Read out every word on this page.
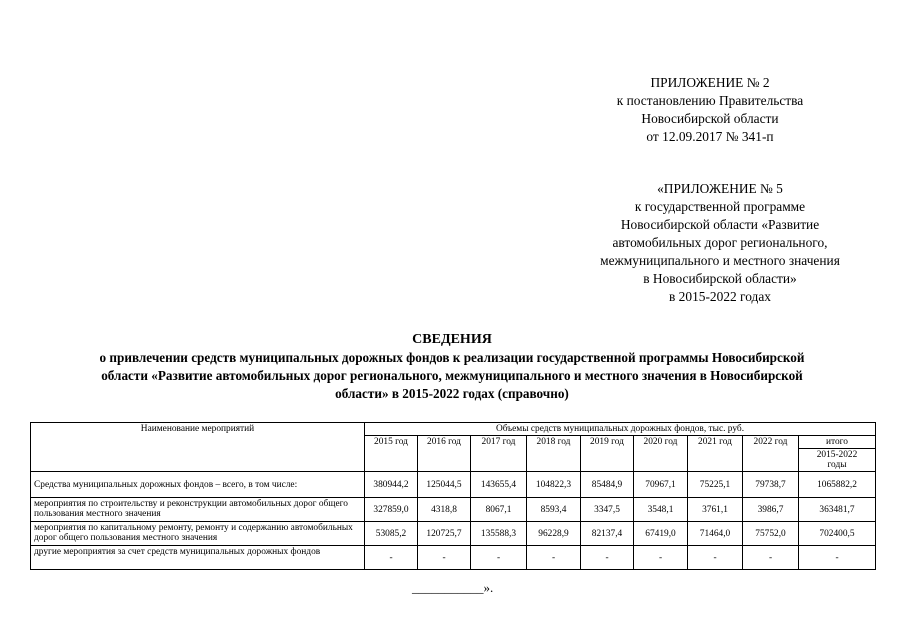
ПРИЛОЖЕНИЕ № 2
к постановлению Правительства
Новосибирской области
от 12.09.2017 № 341-п
«ПРИЛОЖЕНИЕ № 5
к государственной программе
Новосибирской области «Развитие
автомобильных дорог регионального,
межмуниципального и местного значения
в Новосибирской области»
в 2015-2022 годах
СВЕДЕНИЯ
о привлечении средств муниципальных дорожных фондов к реализации государственной программы Новосибирской
области «Развитие автомобильных дорог регионального, межмуниципального и местного значения в Новосибирской
области» в 2015-2022 годах (справочно)
Наименование мероприятий	Объемы средств муниципальных дорожных фондов, тыс. руб.								
	2015 год	2016 год	2017 год	2018 год	2019 год	2020 год	2021 год	2022 год	итого

									2015-2022
годы

Средства муниципальных дорожных фондов – всего, в том числе:	380944,2	125044,5	143655,4	104822,3	85484,9	70967,1	75225,1	79738,7	1065882,2
мероприятия по строительству и реконструкции автомобильных дорог общего пользования местного значения	327859,0	4318,8	8067,1	8593,4	3347,5	3548,1	3761,1	3986,7	363481,7
мероприятия по капитальному ремонту, ремонту и содержанию автомобильных дорог общего пользования местного значения	53085,2	120725,7	135588,3	96228,9	82137,4	67419,0	71464,0	75752,0	702400,5
другие мероприятия за счет средств муниципальных дорожных фондов	-	-	-	-	-	-	-	-	-
___________».
